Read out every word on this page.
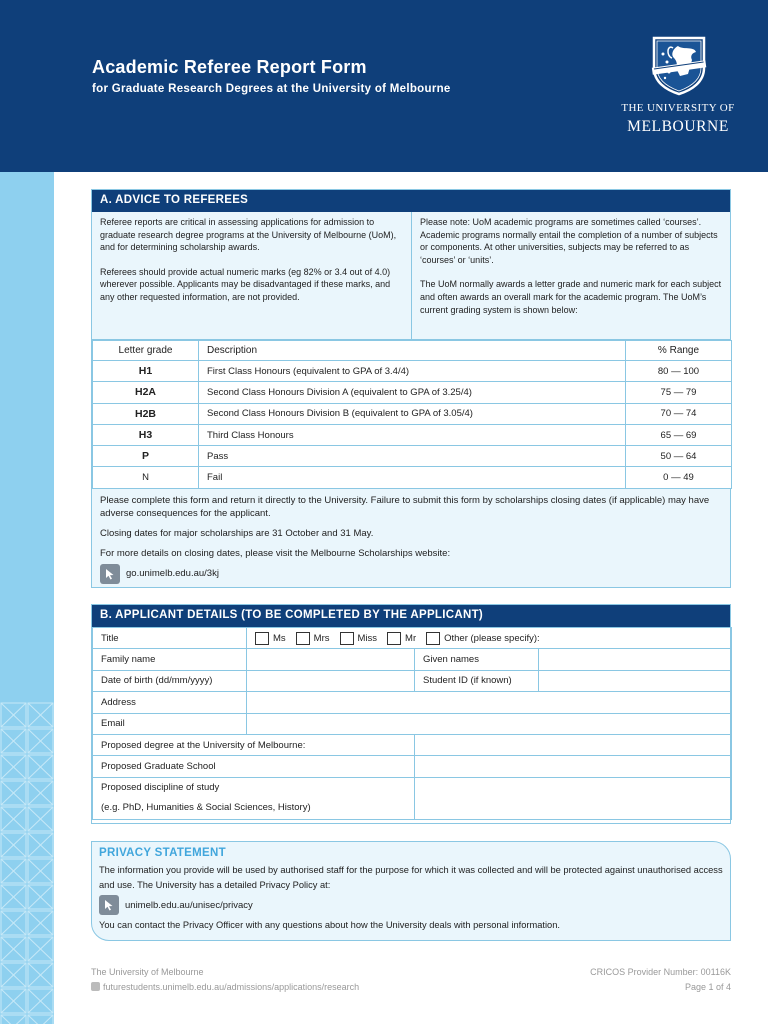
Academic Referee Report Form
for Graduate Research Degrees at the University of Melbourne
THE UNIVERSITY OF
MELBOURNE
A. ADVICE TO REFEREES

Referee reports are critical in assessing applications for admission to graduate research degree programs at the University of Melbourne (UoM), and for determining scholarship awards.

Referees should provide actual numeric marks (eg 82% or 3.4 out of 4.0) wherever possible. Applicants may be disadvantaged if these marks, and any other requested information, are not provided.

Please note: UoM academic programs are sometimes called ‘courses’. Academic programs normally entail the completion of a number of subjects or components. At other universities, subjects may be referred to as ‘courses’ or ‘units’.

The UoM normally awards a letter grade and numeric mark for each subject and often awards an overall mark for the academic program. The UoM’s current grading system is shown below:

Letter grade	Description	% Range
H1	First Class Honours (equivalent to GPA of 3.4/4)	80 — 100
H2A	Second Class Honours Division A (equivalent to GPA of 3.25/4)	75 — 79
H2B	Second Class Honours Division B (equivalent to GPA of 3.05/4)	70 — 74
H3	Third Class Honours	65 — 69
P	Pass	50 — 64
N	Fail	0 — 49

Please complete this form and return it directly to the University. Failure to submit this form by scholarships closing dates (if applicable) may have adverse consequences for the applicant.

Closing dates for major scholarships are 31 October and 31 May.

For more details on closing dates, please visit the Melbourne Scholarships website:

go.unimelb.edu.au/3kj
B. APPLICANT DETAILS (TO BE COMPLETED BY THE APPLICANT)
Title	Ms Mrs Miss Mr Other (please specify):		

Family name		Given names	
Date of birth (dd/mm/yyyy)		Student ID (if known)	
Address			
Email			
Proposed degree at the University of Melbourne:			
Proposed Graduate School			

Proposed discipline of study
(e.g. PhD, Humanities & Social Sciences, History)			

PRIVACY STATEMENT
The information you provide will be used by authorised staff for the purpose for which it was collected and will be protected against unauthorised access and use. The University has a detailed Privacy Policy at:
unimelb.edu.au/unisec/privacy
You can contact the Privacy Officer with any questions about how the University deals with personal information.
The University of Melbourne
futurestudents.unimelb.edu.au/admissions/applications/research
CRICOS Provider Number: 00116K
Page 1 of 4
